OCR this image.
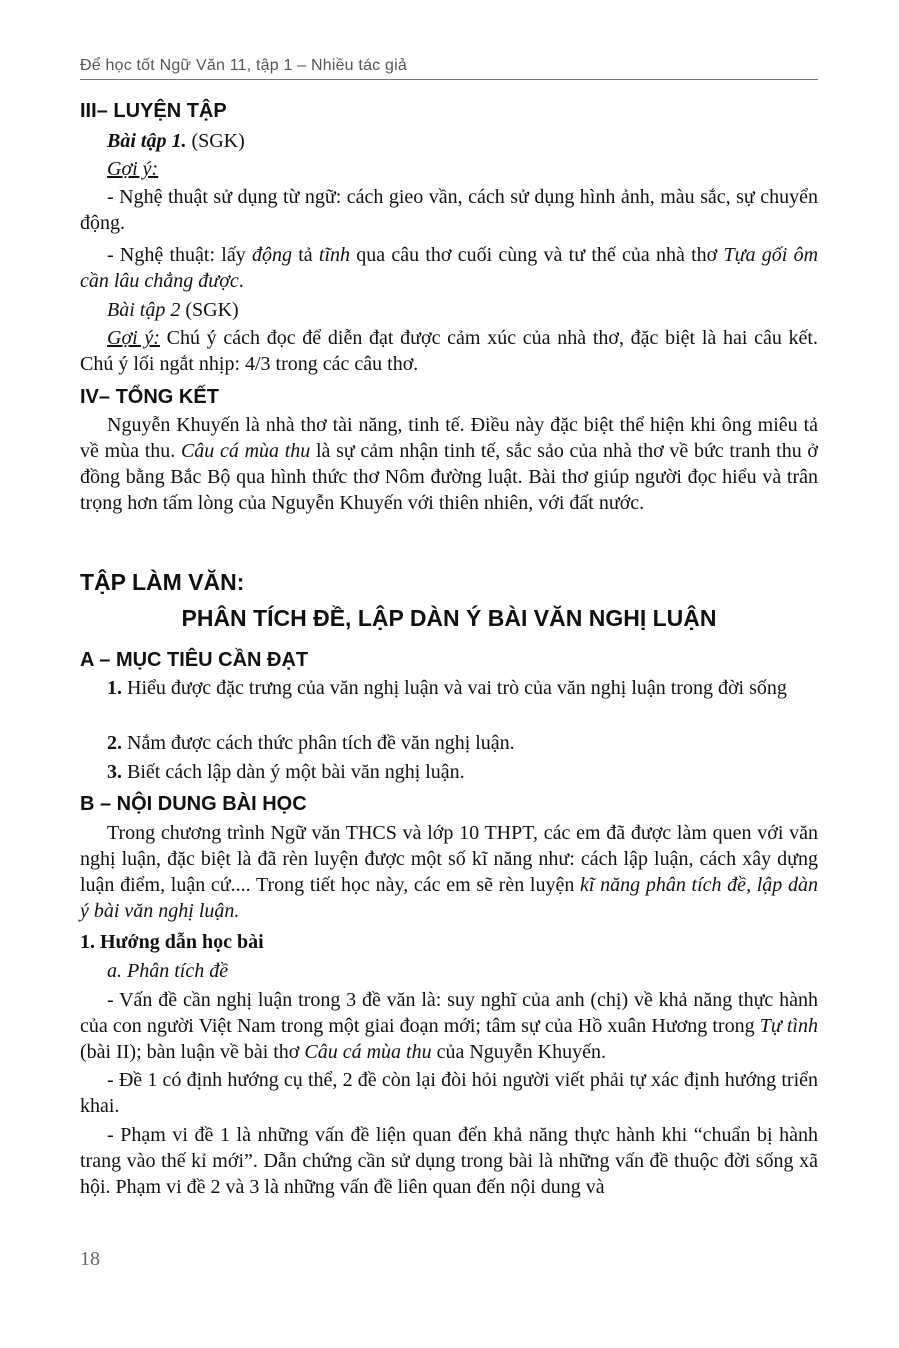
Để học tốt Ngữ Văn 11, tập 1 – Nhiều tác giả
III– LUYỆN TẬP
Bài tập 1. (SGK)
Gợi ý:

- Nghệ thuật sử dụng từ ngữ: cách gieo vần, cách sử dụng hình ảnh, màu sắc, sự chuyển động.

- Nghệ thuật: lấy động tả tĩnh qua câu thơ cuối cùng và tư thế của nhà thơ Tựa gối ôm cần lâu chẳng được.

Bài tập 2 (SGK)

Gợi ý: Chú ý cách đọc để diễn đạt được cảm xúc của nhà thơ, đặc biệt là hai câu kết. Chú ý lối ngắt nhịp: 4/3 trong các câu thơ.

IV– TỔNG KẾT

Nguyễn Khuyến là nhà thơ tài năng, tinh tế. Điều này đặc biệt thể hiện khi ông miêu tả về mùa thu. Câu cá mùa thu là sự cảm nhận tinh tế, sắc sảo của nhà thơ về bức tranh thu ở đồng bằng Bắc Bộ qua hình thức thơ Nôm đường luật. Bài thơ giúp người đọc hiểu và trân trọng hơn tấm lòng của Nguyễn Khuyến với thiên nhiên, với đất nước.

TẬP LÀM VĂN:
PHÂN TÍCH ĐỀ, LẬP DÀN Ý BÀI VĂN NGHỊ LUẬN
A – MỤC TIÊU CẦN ĐẠT

1. Hiểu được đặc trưng của văn nghị luận và vai trò của văn nghị luận trong đời sống

2. Nắm được cách thức phân tích đề văn nghị luận.
3. Biết cách lập dàn ý một bài văn nghị luận.
B – NỘI DUNG BÀI HỌC

Trong chương trình Ngữ văn THCS và lớp 10 THPT, các em đã được làm quen với văn nghị luận, đặc biệt là đã rèn luyện được một số kĩ năng như: cách lập luận, cách xây dựng luận điểm, luận cứ.... Trong tiết học này, các em sẽ rèn luyện kĩ năng phân tích đề, lập dàn ý bài văn nghị luận.

1. Hướng dẫn học bài
a. Phân tích đề

- Vấn đề cần nghị luận trong 3 đề văn là: suy nghĩ của anh (chị) về khả năng thực hành của con người Việt Nam trong một giai đoạn mới; tâm sự của Hồ xuân Hương trong Tự tình (bài II); bàn luận về bài thơ Câu cá mùa thu của Nguyễn Khuyến.

- Đề 1 có định hướng cụ thể, 2 đề còn lại đòi hỏi người viết phải tự xác định hướng triển khai.

- Phạm vi đề 1 là những vấn đề liện quan đến khả năng thực hành khi “chuẩn bị hành trang vào thế kỉ mới”. Dẫn chứng cần sử dụng trong bài là những vấn đề thuộc đời sống xã hội. Phạm vi đề 2 và 3 là những vấn đề liên quan đến nội dung và

18
